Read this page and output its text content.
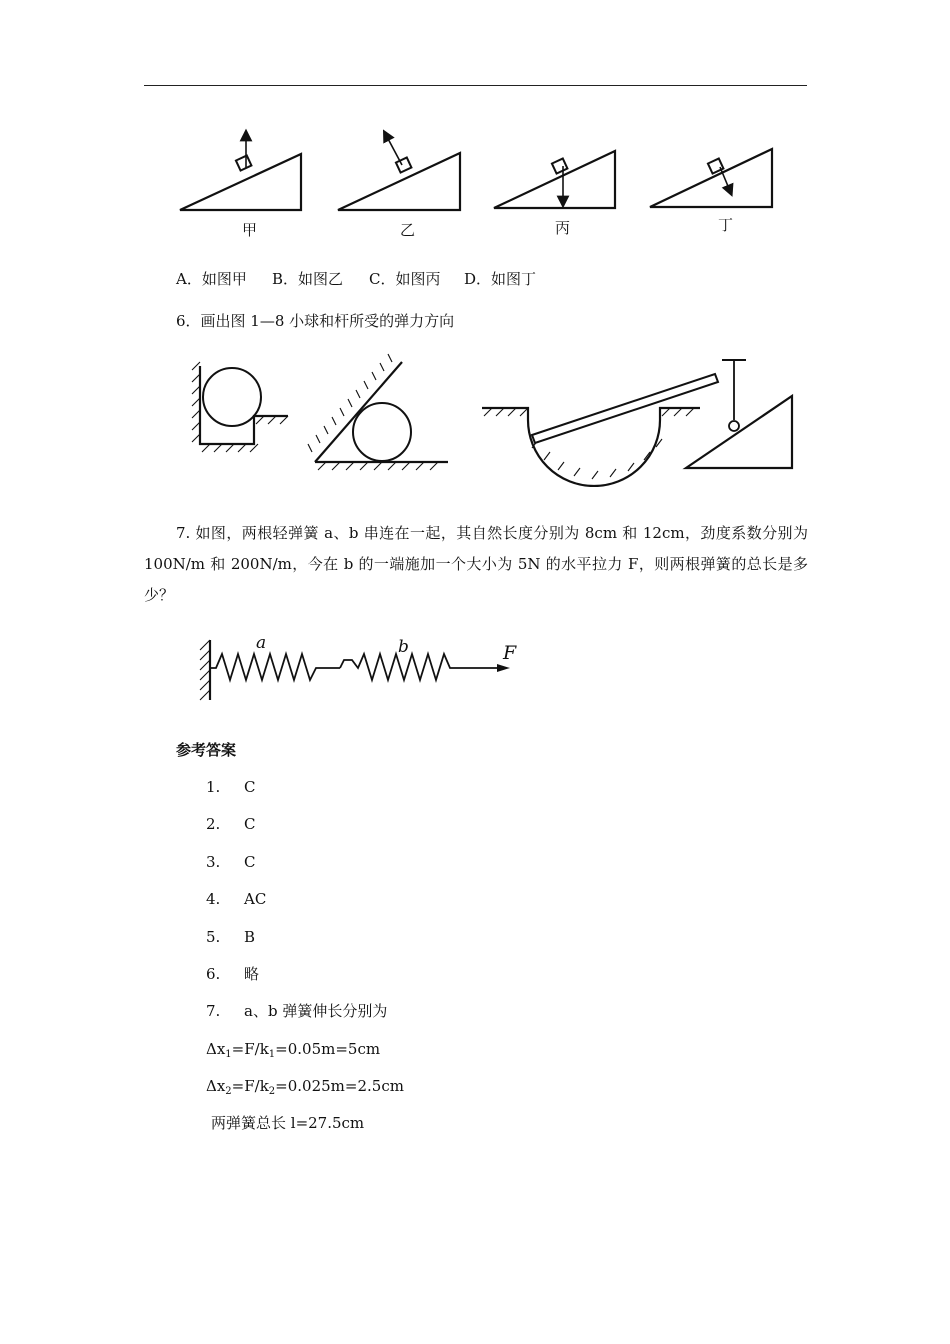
甲	乙	丙	丁
A．如图甲 B．如图乙 C．如图丙 D．如图丁
6．画出图 1—8 小球和杆所受的弹力方向
7. 如图，两根轻弹簧 a、b 串连在一起，其自然长度分别为 8cm 和 12cm，劲度系数分别为100N/m 和 200N/m，今在 b 的一端施加一个大小为 5N 的水平拉力 F，则两根弹簧的总长是多少？
a	b	F
参考答案
1. C
2. C
3. C
4. AC
5. B
6. 略
7. a、b 弹簧伸长分别为
$\Delta x_1=F/k_1=0.05m=5cm$
$\Delta x_2=F/k_2=0.025m=2.5cm$
两弹簧总长 l=27.5cm
